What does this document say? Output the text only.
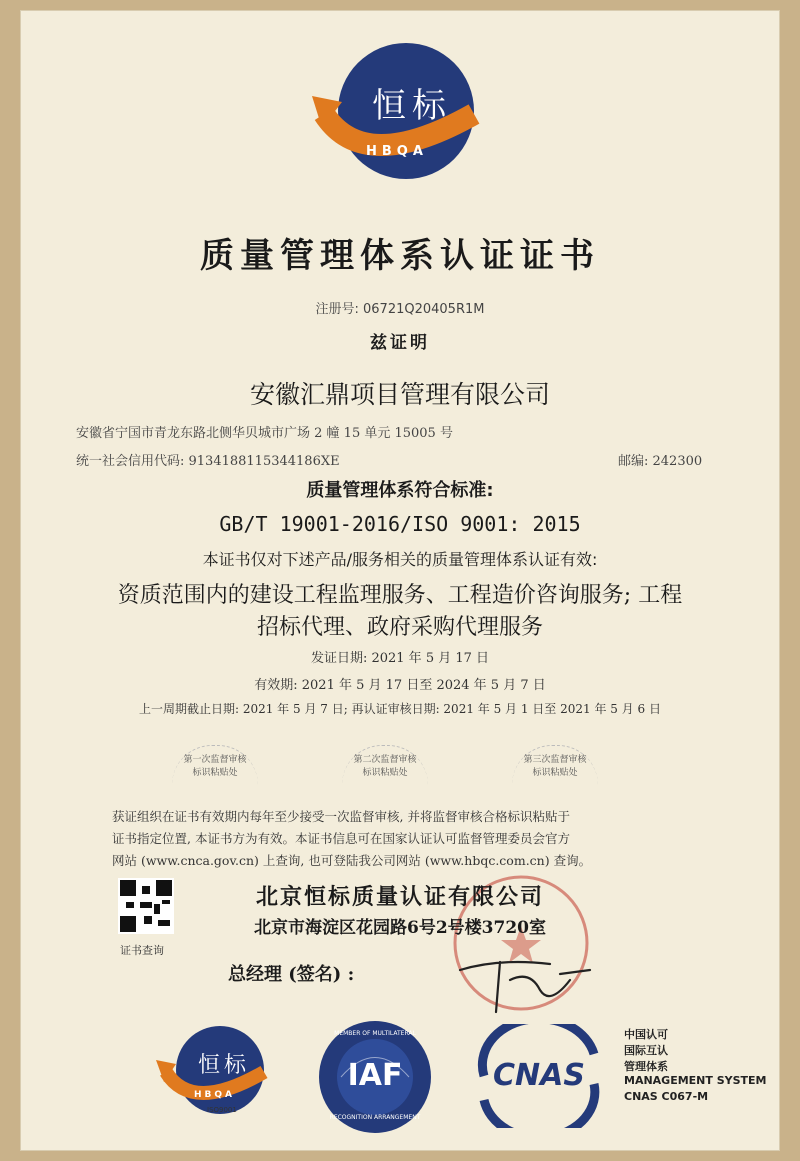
恒标
HBQA
质量管理体系认证证书
注册号: 06721Q20405R1M
兹证明
安徽汇鼎项目管理有限公司
安徽省宁国市青龙东路北侧华贝城市广场 2 幢 15 单元 15005 号
统一社会信用代码: 9134188115344186XE	邮编: 242300
质量管理体系符合标准:
GB/T 19001-2016/ISO 9001: 2015
本证书仅对下述产品/服务相关的质量管理体系认证有效:
资质范围内的建设工程监理服务、工程造价咨询服务; 工程
招标代理、政府采购代理服务
发证日期: 2021 年 5 月 17 日
有效期: 2021 年 5 月 17 日至 2024 年 5 月 7 日
上一周期截止日期: 2021 年 5 月 7 日; 再认证审核日期: 2021 年 5 月 1 日至 2021 年 5 月 6 日
第一次监督审核
标识粘贴处
第二次监督审核
标识粘贴处
第三次监督审核
标识粘贴处
获证组织在证书有效期内每年至少接受一次监督审核, 并将监督审核合格标识粘贴于
证书指定位置, 本证书方为有效。本证书信息可在国家认证认可监督管理委员会官方
网站 (www.cnca.gov.cn) 上查询, 也可登陆我公司网站 (www.hbqc.com.cn) 查询。
证书查询
北京恒标质量认证有限公司
北京市海淀区花园路6号2号楼3720室
总经理 (签名) :
恒标
HBQA
ISO9001
IAF
MEMBER OF MULTILATERAL
RECOGNITION ARRANGEMENT
CNAS
中国认可
国际互认
管理体系
MANAGEMENT SYSTEM
CNAS C067-M
